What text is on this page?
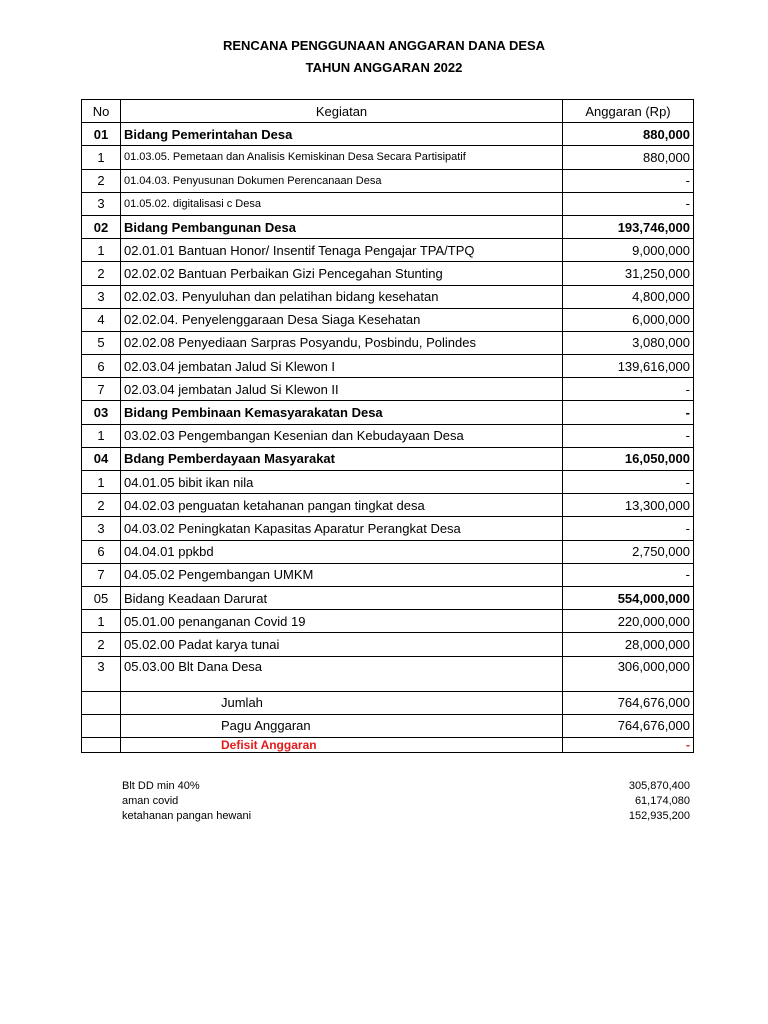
RENCANA PENGGUNAAN ANGGARAN DANA DESA
TAHUN ANGGARAN 2022
No	Kegiatan	Anggaran (Rp)
01	Bidang Pemerintahan Desa	880,000
1	01.03.05. Pemetaan dan Analisis Kemiskinan Desa Secara Partisipatif	880,000
2	01.04.03. Penyusunan Dokumen Perencanaan Desa	-
3	01.05.02. digitalisasi c Desa	-
02	Bidang Pembangunan Desa	193,746,000
1	02.01.01 Bantuan Honor/ Insentif Tenaga Pengajar TPA/TPQ	9,000,000
2	02.02.02 Bantuan Perbaikan Gizi Pencegahan Stunting	31,250,000
3	02.02.03. Penyuluhan dan pelatihan bidang kesehatan	4,800,000
4	02.02.04. Penyelenggaraan Desa Siaga Kesehatan	6,000,000
5	02.02.08 Penyediaan Sarpras Posyandu, Posbindu, Polindes	3,080,000
6	02.03.04 jembatan Jalud Si Klewon I	139,616,000
7	02.03.04 jembatan Jalud Si Klewon II	-
03	Bidang Pembinaan Kemasyarakatan Desa	-
1	03.02.03 Pengembangan Kesenian dan Kebudayaan Desa	-
04	Bdang Pemberdayaan Masyarakat	16,050,000
1	04.01.05 bibit ikan nila	-
2	04.02.03 penguatan ketahanan pangan tingkat desa	13,300,000
3	04.03.02 Peningkatan Kapasitas Aparatur Perangkat Desa	-
6	04.04.01 ppkbd	2,750,000
7	04.05.02 Pengembangan UMKM	-
05	Bidang Keadaan Darurat	554,000,000
1	05.01.00 penanganan Covid 19	220,000,000
2	05.02.00 Padat karya tunai	28,000,000
3	05.03.00 Blt Dana Desa	306,000,000
	Jumlah	764,676,000
	Pagu Anggaran	764,676,000
	Defisit Anggaran	-
Blt DD min 40%	305,870,400
aman covid	61,174,080
ketahanan pangan hewani	152,935,200
